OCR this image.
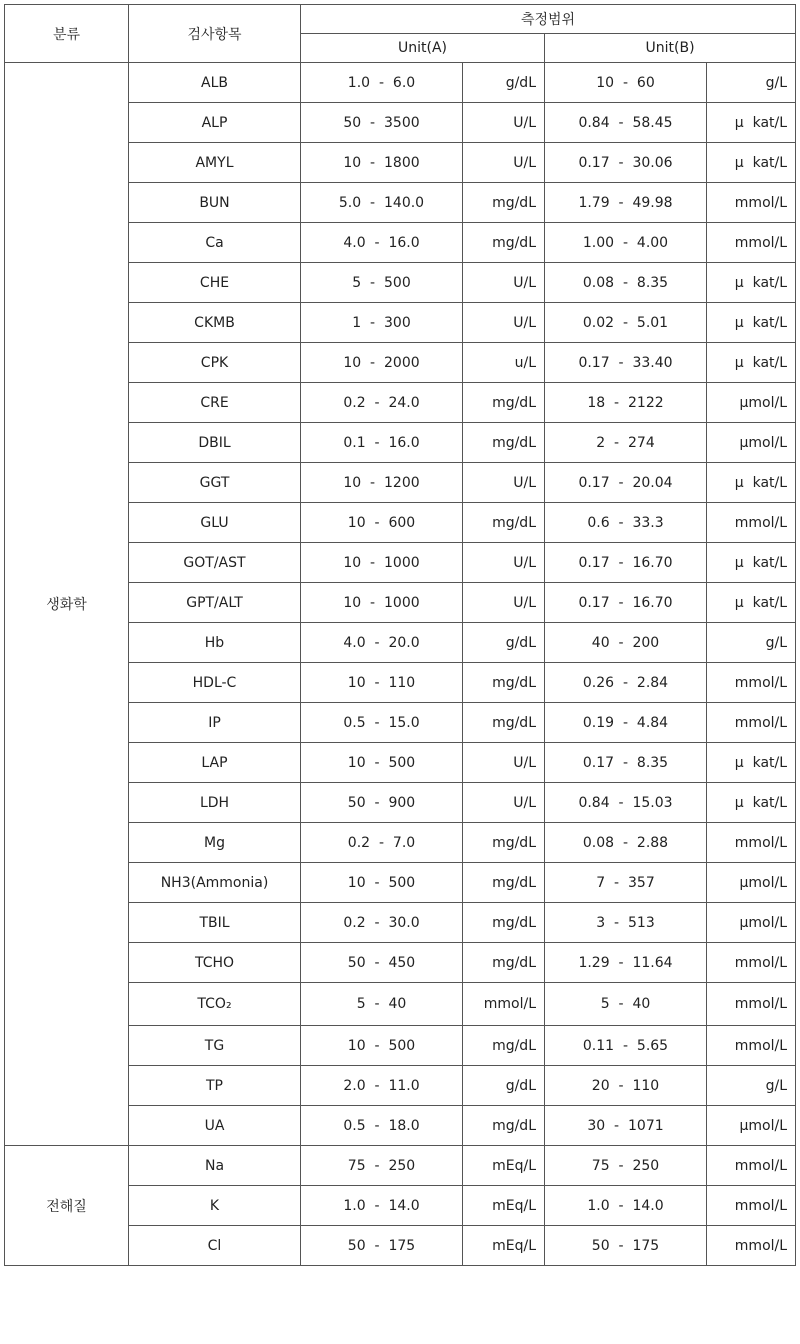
분류	검사항목	측정범위			
		Unit(A)		Unit(B)	
생화학	ALB	1.0  -  6.0	g/dL	10  -  60	g/L
	ALP	50  -  3500	U/L	0.84  -  58.45	μ  kat/L
	AMYL	10  -  1800	U/L	0.17  -  30.06	μ  kat/L
	BUN	5.0  -  140.0	mg/dL	1.79  -  49.98	mmol/L
	Ca	4.0  -  16.0	mg/dL	1.00  -  4.00	mmol/L
	CHE	5  -  500	U/L	0.08  -  8.35	μ  kat/L
	CKMB	1  -  300	U/L	0.02  -  5.01	μ  kat/L
	CPK	10  -  2000	u/L	0.17  -  33.40	μ  kat/L
	CRE	0.2  -  24.0	mg/dL	18  -  2122	μmol/L
	DBIL	0.1  -  16.0	mg/dL	2  -  274	μmol/L
	GGT	10  -  1200	U/L	0.17  -  20.04	μ  kat/L
	GLU	10  -  600	mg/dL	0.6  -  33.3	mmol/L
	GOT/AST	10  -  1000	U/L	0.17  -  16.70	μ  kat/L
	GPT/ALT	10  -  1000	U/L	0.17  -  16.70	μ  kat/L
	Hb	4.0  -  20.0	g/dL	40  -  200	g/L
	HDL-C	10  -  110	mg/dL	0.26  -  2.84	mmol/L
	IP	0.5  -  15.0	mg/dL	0.19  -  4.84	mmol/L
	LAP	10  -  500	U/L	0.17  -  8.35	μ  kat/L
	LDH	50  -  900	U/L	0.84  -  15.03	μ  kat/L
	Mg	0.2  -  7.0	mg/dL	0.08  -  2.88	mmol/L
	NH3(Ammonia)	10  -  500	mg/dL	7  -  357	μmol/L
	TBIL	0.2  -  30.0	mg/dL	3  -  513	μmol/L
	TCHO	50  -  450	mg/dL	1.29  -  11.64	mmol/L
	TCO₂	5  -  40	mmol/L	5  -  40	mmol/L
	TG	10  -  500	mg/dL	0.11  -  5.65	mmol/L
	TP	2.0  -  11.0	g/dL	20  -  110	g/L
	UA	0.5  -  18.0	mg/dL	30  -  1071	μmol/L
전해질	Na	75  -  250	mEq/L	75  -  250	mmol/L
	K	1.0  -  14.0	mEq/L	1.0  -  14.0	mmol/L
	Cl	50  -  175	mEq/L	50  -  175	mmol/L
